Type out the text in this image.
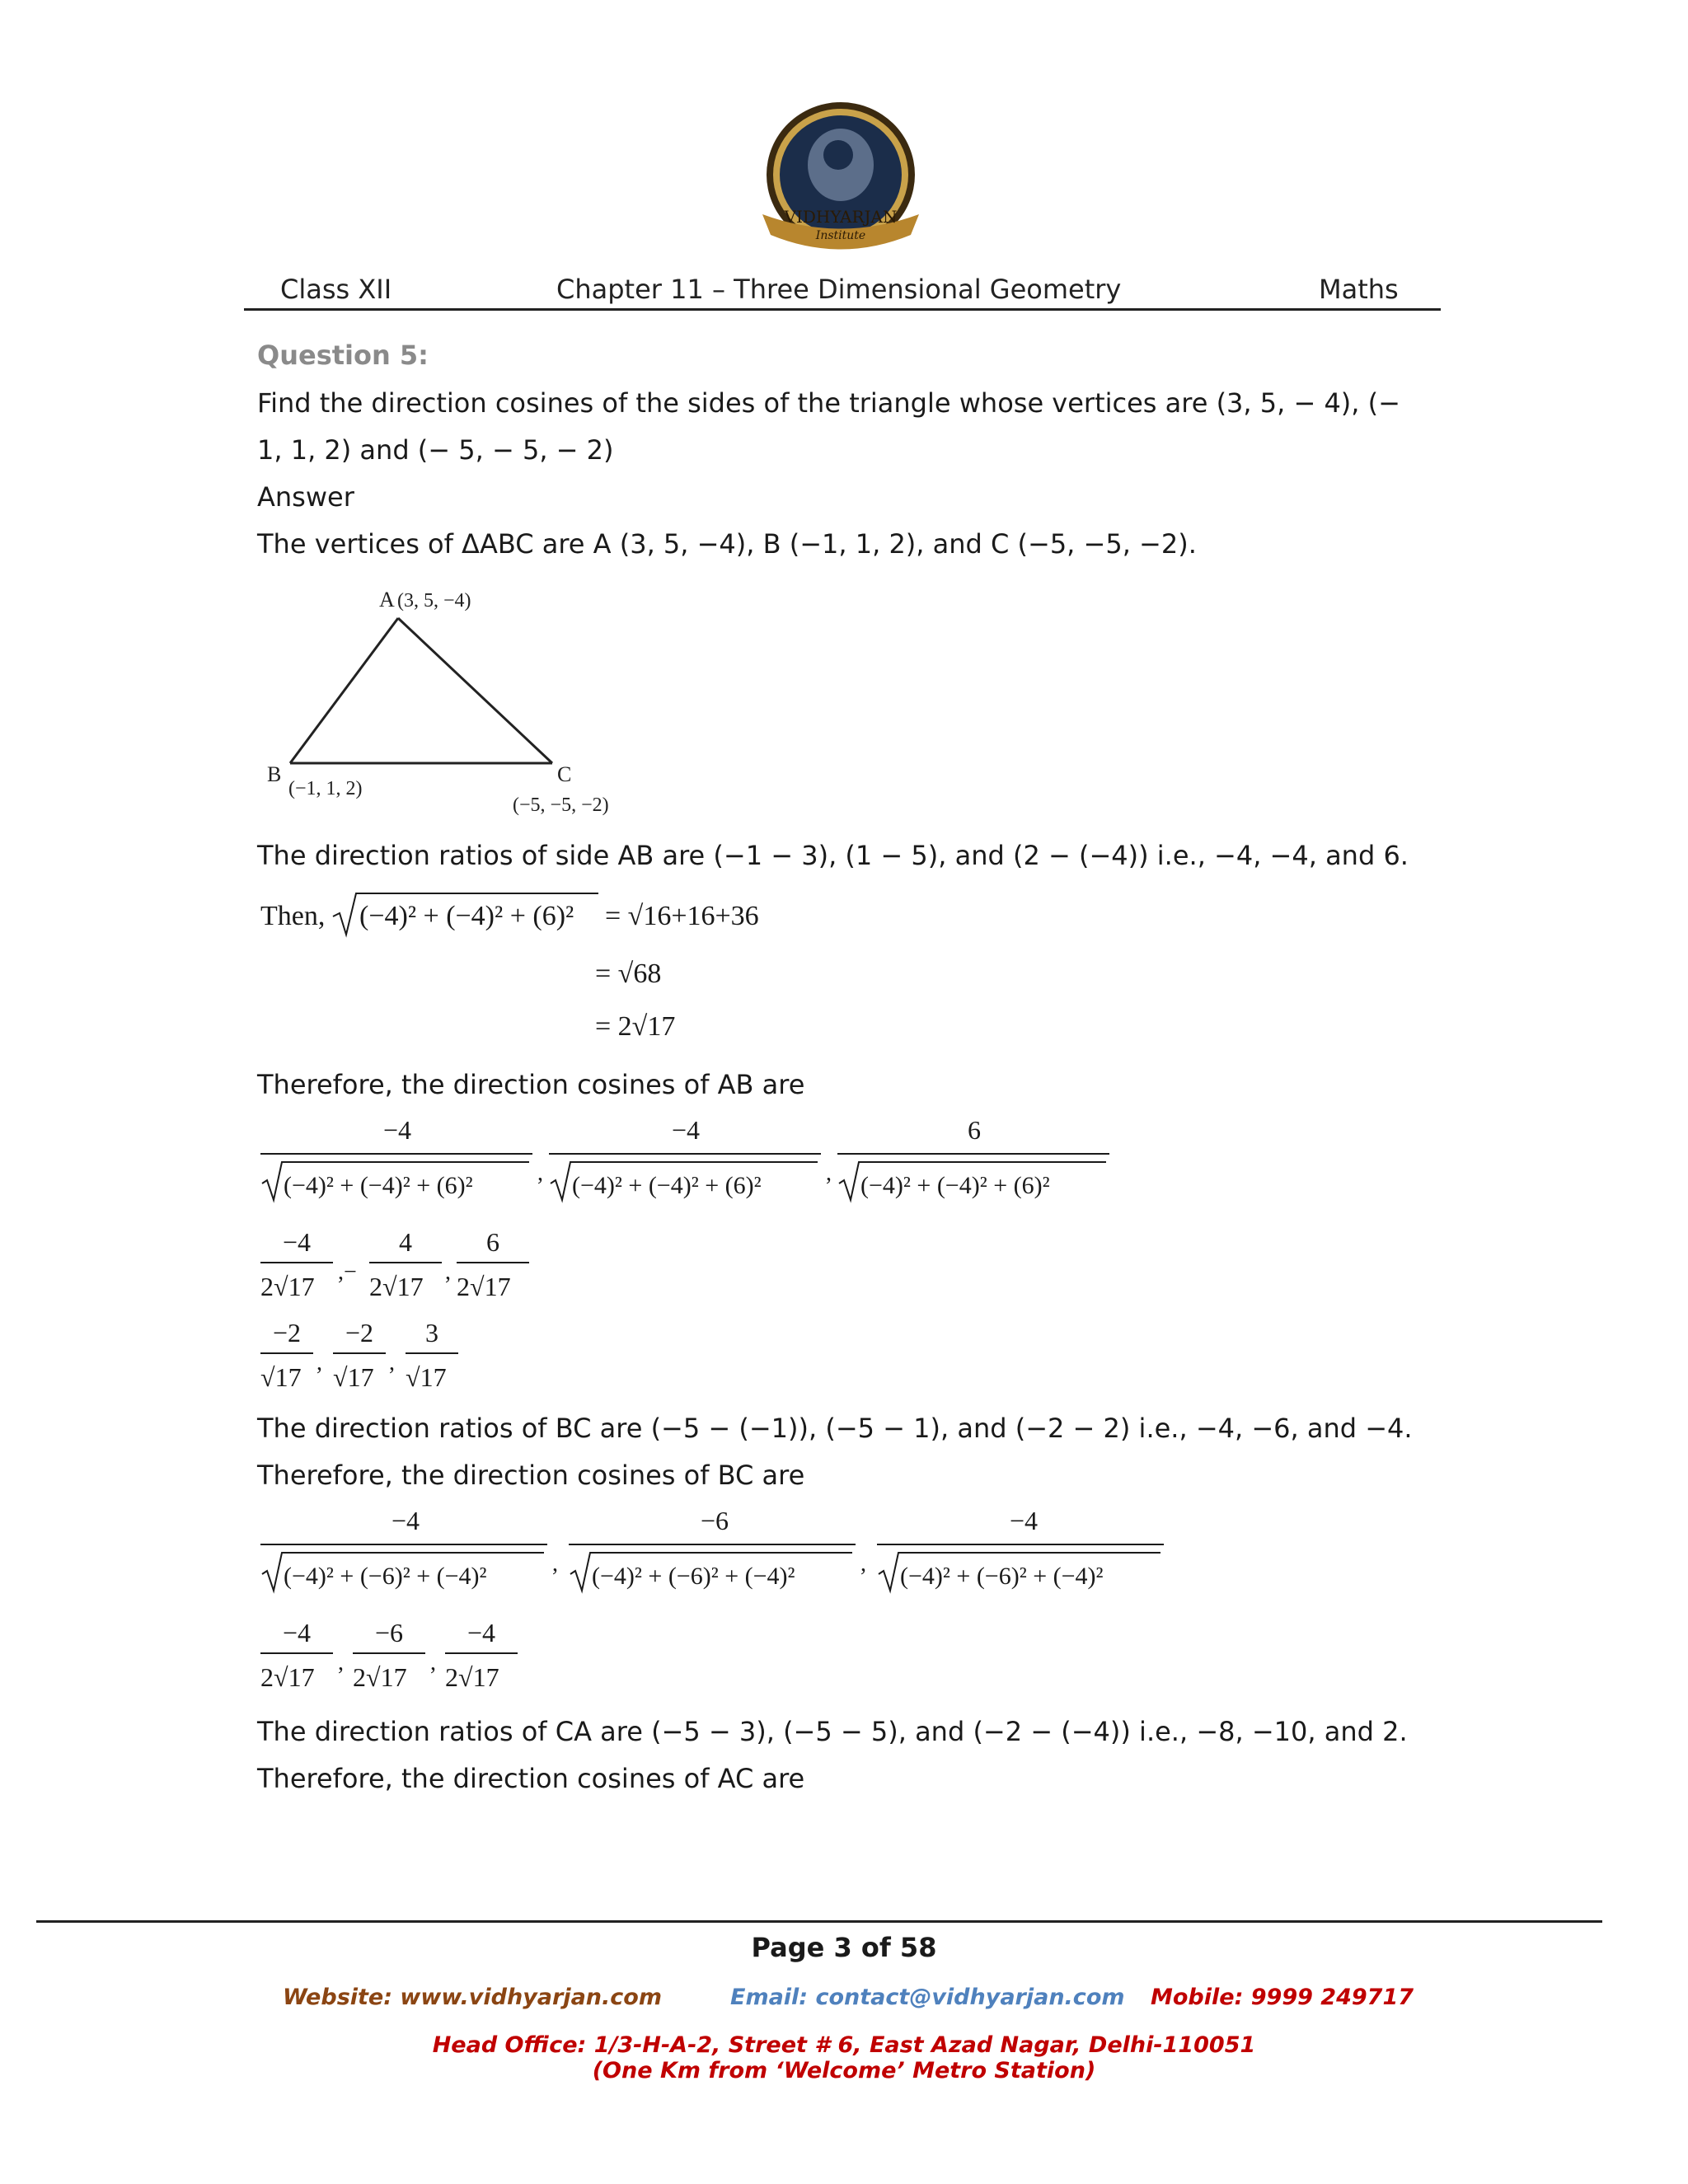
VIDHYARJAN
Institute
Class XII	Chapter 11 – Three Dimensional Geometry	Maths
Question 5:
Find the direction cosines of the sides of the triangle whose vertices are (3, 5, − 4), (−
1, 1, 2) and (− 5, − 5, − 2)
Answer
The vertices of ΔABC are A (3, 5, −4), B (−1, 1, 2), and C (−5, −5, −2).
A (3, 5, −4)
B
(−1, 1, 2)
C
(−5, −5, −2)
The direction ratios of side AB are (−1 − 3), (1 − 5), and (2 − (−4)) i.e., −4, −4, and 6.
Then, (−4)² + (−4)² + (6)² = √16+16+36
= √68
= 2√17
Therefore, the direction cosines of AB are
−4
(−4)² + (−4)² + (6)²	,
−4
(−4)² + (−4)² + (6)²	,
6
(−4)² + (−4)² + (6)²
−4
2√17 ,−
4
2√17 ,
6
2√17
−2
√17 ,
−2
√17 ,
3
√17
The direction ratios of BC are (−5 − (−1)), (−5 − 1), and (−2 − 2) i.e., −4, −6, and −4.
Therefore, the direction cosines of BC are
−4
(−4)² + (−6)² + (−4)²	,
−6
(−4)² + (−6)² + (−4)²	,
−4
(−4)² + (−6)² + (−4)²
−4
2√17 ,
−6
2√17 ,
−4
2√17
The direction ratios of CA are (−5 − 3), (−5 − 5), and (−2 − (−4)) i.e., −8, −10, and 2.
Therefore, the direction cosines of AC are
Page 3 of 58
Website: www.vidhyarjan.com	Email: contact@vidhyarjan.com Mobile: 9999 249717
Head Office: 1/3-H-A-2, Street # 6, East Azad Nagar, Delhi-110051
(One Km from ‘Welcome’ Metro Station)
